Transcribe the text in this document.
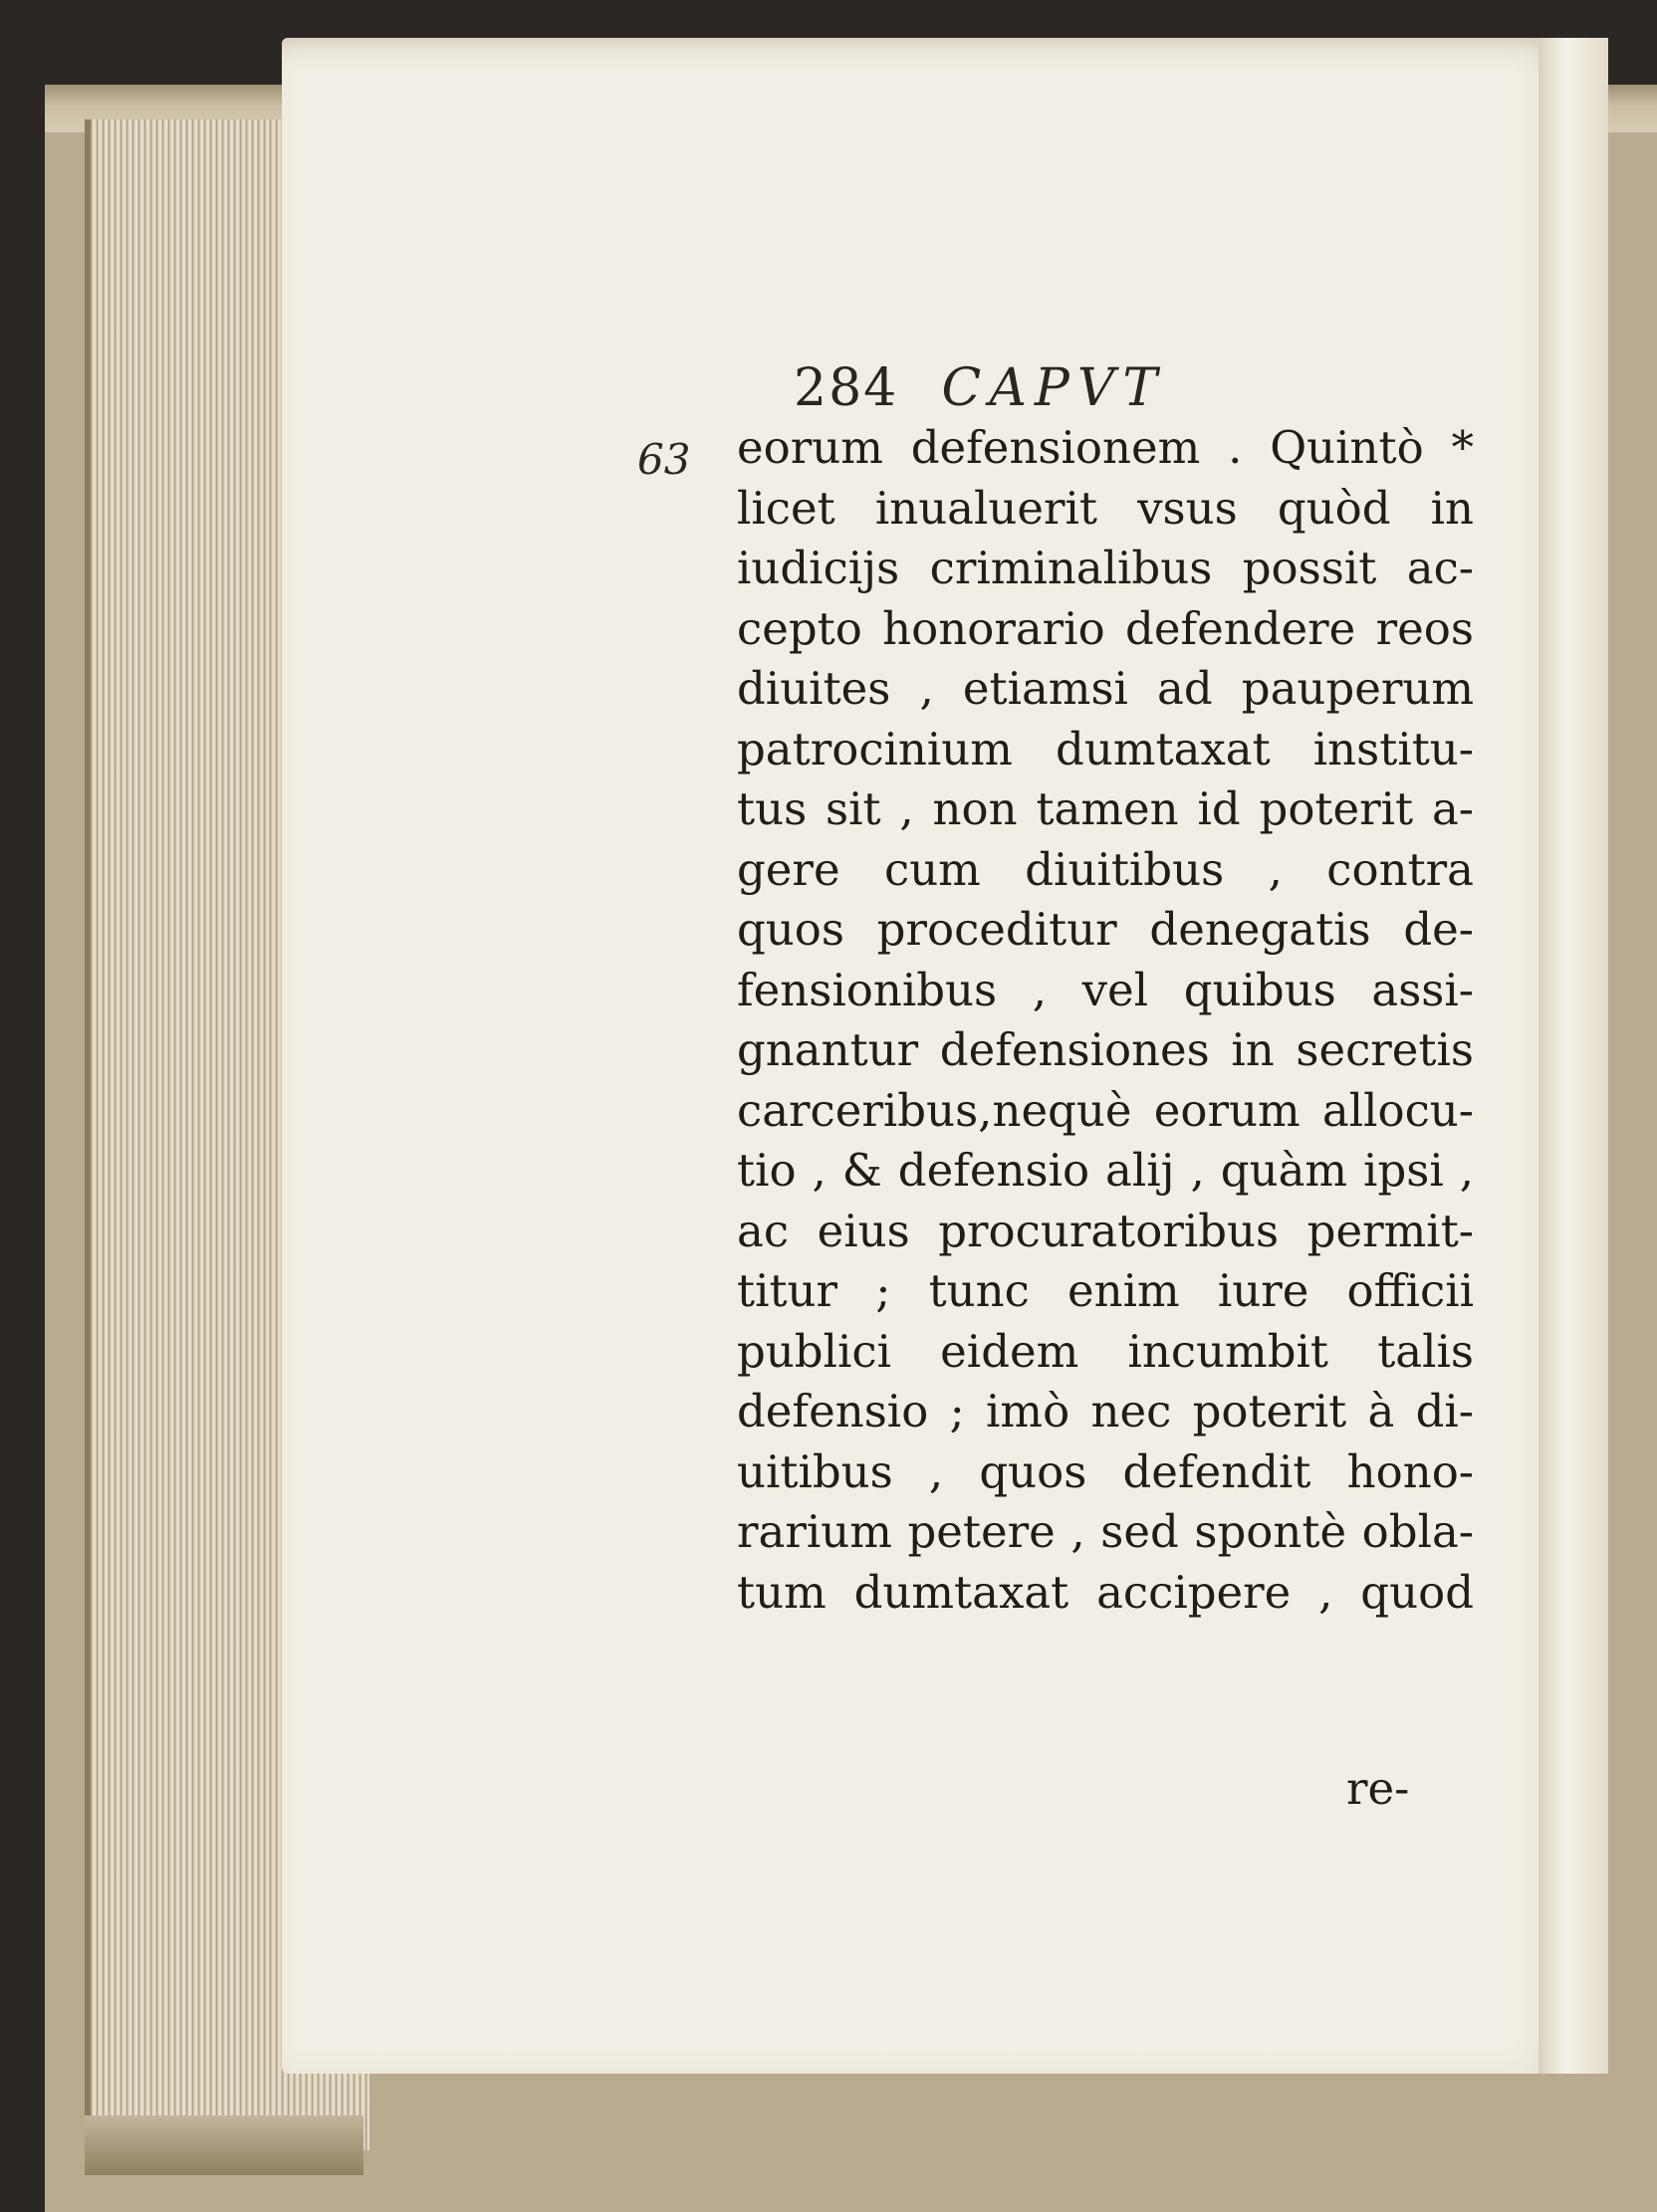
284 CAPVT
63 eorum defensionem . Quintò *
licet inualuerit vsus quòd in
iudicijs criminalibus possit ac-
cepto honorario defendere reos
diuites , etiamsi ad pauperum
patrocinium dumtaxat institu-
tus sit , non tamen id poterit a-
gere cum diuitibus , contra
quos proceditur denegatis de-
fensionibus , vel quibus assi-
gnantur defensiones in secretis
carceribus,nequè eorum allocu-
tio , & defensio alij , quàm ipsi ,
ac eius procuratoribus permit-
titur ; tunc enim iure officii
publici eidem incumbit talis
defensio ; imò nec poterit à di-
uitibus , quos defendit hono-
rarium petere , sed spontè obla-
tum dumtaxat accipere , quod
re-
